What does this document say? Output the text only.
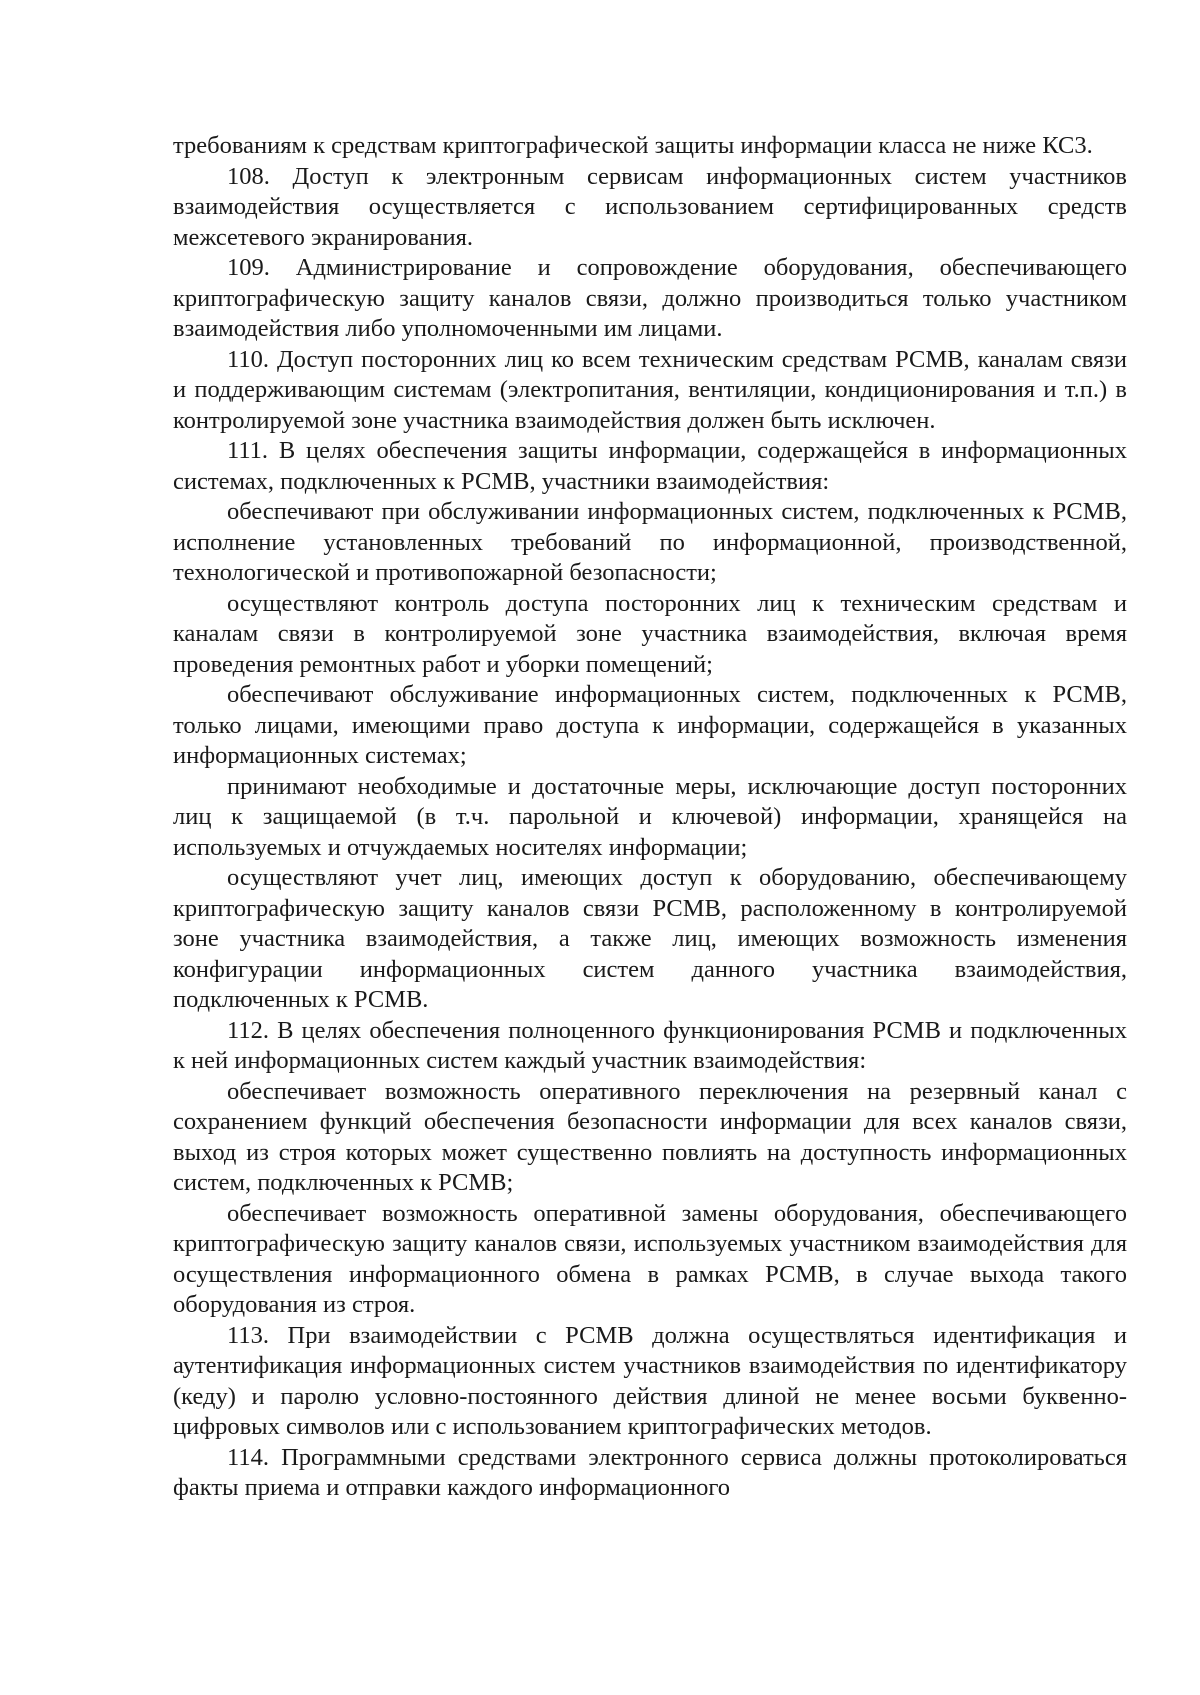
требованиям к средствам криптографической защиты информации класса не ниже КС3.

108. Доступ к электронным сервисам информационных систем участников взаимодействия осуществляется с использованием сертифицированных средств межсетевого экранирования.

109. Администрирование и сопровождение оборудования, обеспечивающего криптографическую защиту каналов связи, должно производиться только участником взаимодействия либо уполномоченными им лицами.

110. Доступ посторонних лиц ко всем техническим средствам РСМВ, каналам связи и поддерживающим системам (электропитания, вентиляции, кондиционирования и т.п.) в контролируемой зоне участника взаимодействия должен быть исключен.

111. В целях обеспечения защиты информации, содержащейся в информационных системах, подключенных к РСМВ, участники взаимодействия:

обеспечивают при обслуживании информационных систем, подключенных к РСМВ, исполнение установленных требований по информационной, производственной, технологической и противопожарной безопасности;

осуществляют контроль доступа посторонних лиц к техническим средствам и каналам связи в контролируемой зоне участника взаимодействия, включая время проведения ремонтных работ и уборки помещений;

обеспечивают обслуживание информационных систем, подключенных к РСМВ, только лицами, имеющими право доступа к информации, содержащейся в указанных информационных системах;

принимают необходимые и достаточные меры, исключающие доступ посторонних лиц к защищаемой (в т.ч. парольной и ключевой) информации, хранящейся на используемых и отчуждаемых носителях информации;

осуществляют учет лиц, имеющих доступ к оборудованию, обеспечивающему криптографическую защиту каналов связи РСМВ, расположенному в контролируемой зоне участника взаимодействия, а также лиц, имеющих возможность изменения конфигурации информационных систем данного участника взаимодействия, подключенных к РСМВ.

112. В целях обеспечения полноценного функционирования РСМВ и подключенных к ней информационных систем каждый участник взаимодействия:

обеспечивает возможность оперативного переключения на резервный канал с сохранением функций обеспечения безопасности информации для всех каналов связи, выход из строя которых может существенно повлиять на доступность информационных систем, подключенных к РСМВ;

обеспечивает возможность оперативной замены оборудования, обеспечивающего криптографическую защиту каналов связи, используемых участником взаимодействия для осуществления информационного обмена в рамках РСМВ, в случае выхода такого оборудования из строя.

113. При взаимодействии с РСМВ должна осуществляться идентификация и аутентификация информационных систем участников взаимодействия по идентификатору (кеду) и паролю условно-постоянного действия длиной не менее восьми буквенно-цифровых символов или с использованием криптографических методов.

114. Программными средствами электронного сервиса должны протоколироваться факты приема и отправки каждого информационного
